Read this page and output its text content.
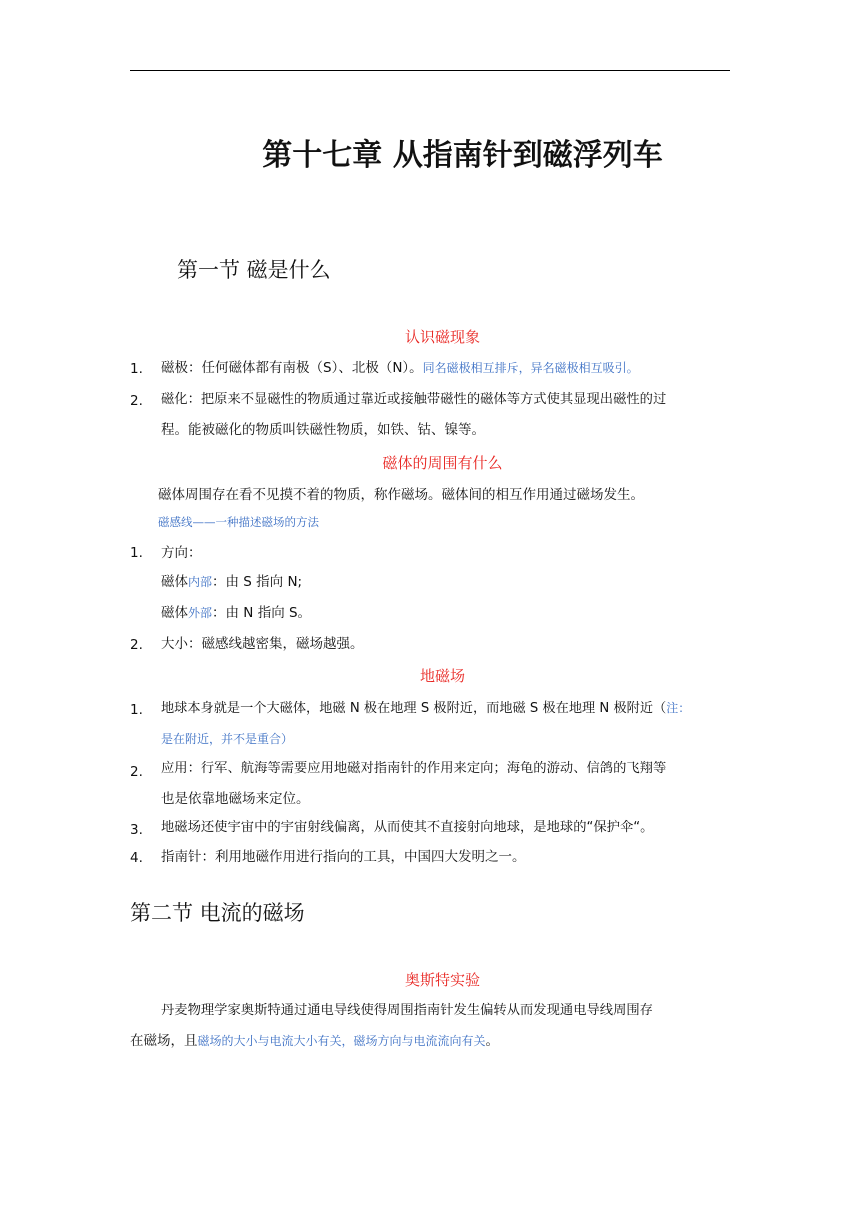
第十七章 从指南针到磁浮列车
第一节 磁是什么
认识磁现象
1. 磁极：任何磁体都有南极（S）、北极（N）。同名磁极相互排斥，异名磁极相互吸引。
2. 磁化：把原来不显磁性的物质通过靠近或接触带磁性的磁体等方式使其显现出磁性的过
程。能被磁化的物质叫铁磁性物质，如铁、钴、镍等。
磁体的周围有什么
磁体周围存在看不见摸不着的物质，称作磁场。磁体间的相互作用通过磁场发生。
磁感线——一种描述磁场的方法
1. 方向：
磁体内部：由 S 指向 N;
磁体外部：由 N 指向 S。
2. 大小：磁感线越密集，磁场越强。
地磁场
1. 地球本身就是一个大磁体，地磁 N 极在地理 S 极附近，而地磁 S 极在地理 N 极附近（注：
是在附近，并不是重合）
2. 应用：行军、航海等需要应用地磁对指南针的作用来定向；海龟的游动、信鸽的飞翔等
也是依靠地磁场来定位。
3. 地磁场还使宇宙中的宇宙射线偏离，从而使其不直接射向地球，是地球的“保护伞“。
4. 指南针：利用地磁作用进行指向的工具，中国四大发明之一。
第二节 电流的磁场
奥斯特实验
丹麦物理学家奥斯特通过通电导线使得周围指南针发生偏转从而发现通电导线周围存
在磁场，且磁场的大小与电流大小有关，磁场方向与电流流向有关。
